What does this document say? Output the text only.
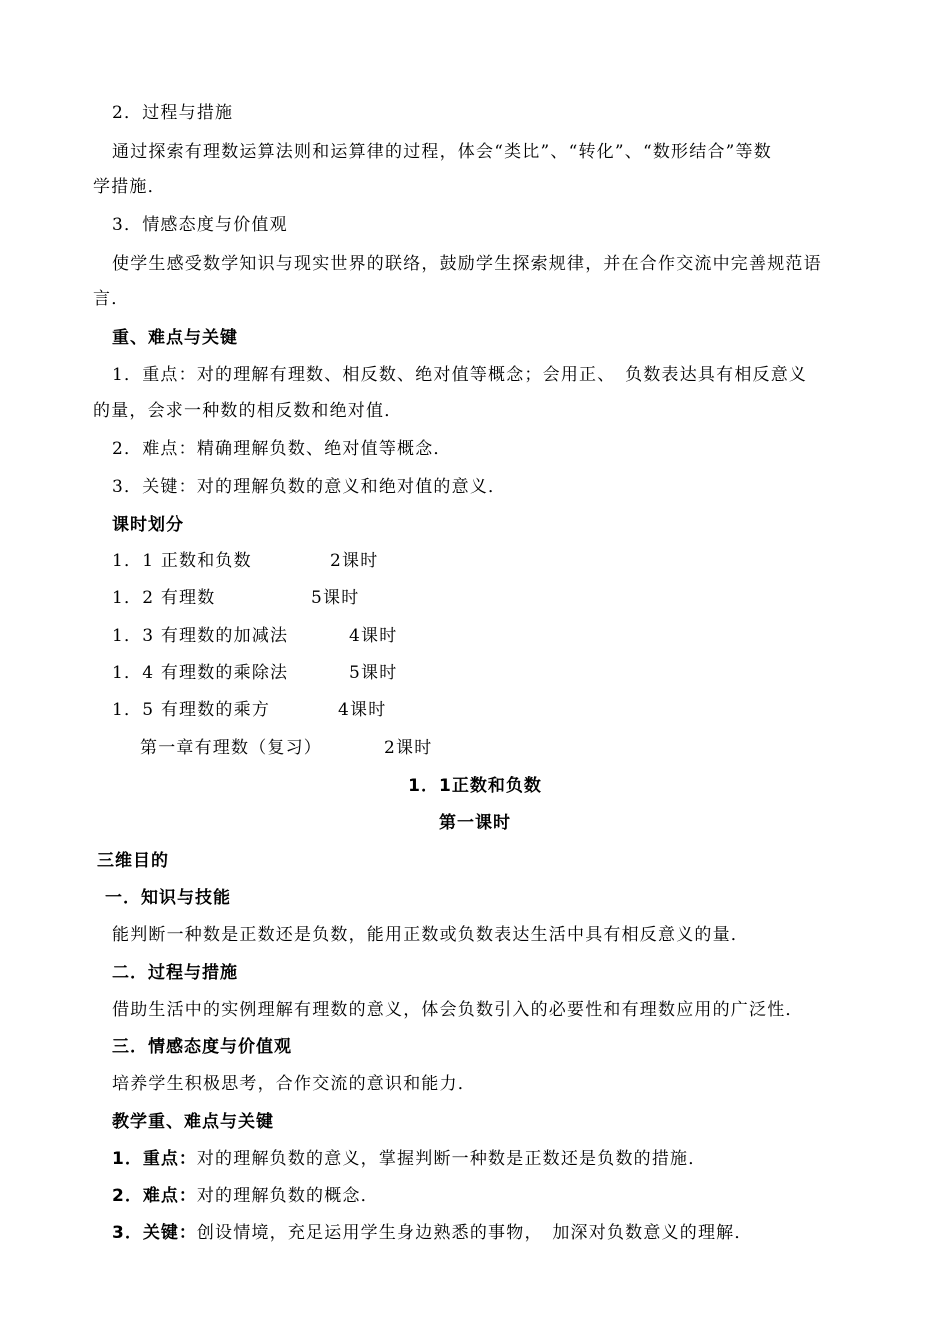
2．过程与措施
通过探索有理数运算法则和运算律的过程，体会“类比”、“转化”、“数形结合”等数
学措施．
3．情感态度与价值观
使学生感受数学知识与现实世界的联络，鼓励学生探索规律，并在合作交流中完善规范语
言．
重、难点与关键
1．重点：对的理解有理数、相反数、绝对值等概念；会用正、　负数表达具有相反意义
的量，会求一种数的相反数和绝对值．
2．难点：精确理解负数、绝对值等概念．
3．关键：对的理解负数的意义和绝对值的意义．
课时划分
1．1 正数和负数	2课时
1．2 有理数	5课时
1．3 有理数的加减法	4课时
1．4 有理数的乘除法	5课时
1．5 有理数的乘方	4课时
第一章有理数（复习）	2课时
1．1正数和负数
第一课时
三维目的
一．知识与技能
能判断一种数是正数还是负数，能用正数或负数表达生活中具有相反意义的量．
二．过程与措施
借助生活中的实例理解有理数的意义，体会负数引入的必要性和有理数应用的广泛性．
三．情感态度与价值观
培养学生积极思考，合作交流的意识和能力．
教学重、难点与关键
1．重点：对的理解负数的意义，掌握判断一种数是正数还是负数的措施．
2．难点：对的理解负数的概念．
3．关键：创设情境，充足运用学生身边熟悉的事物，　加深对负数意义的理解．
